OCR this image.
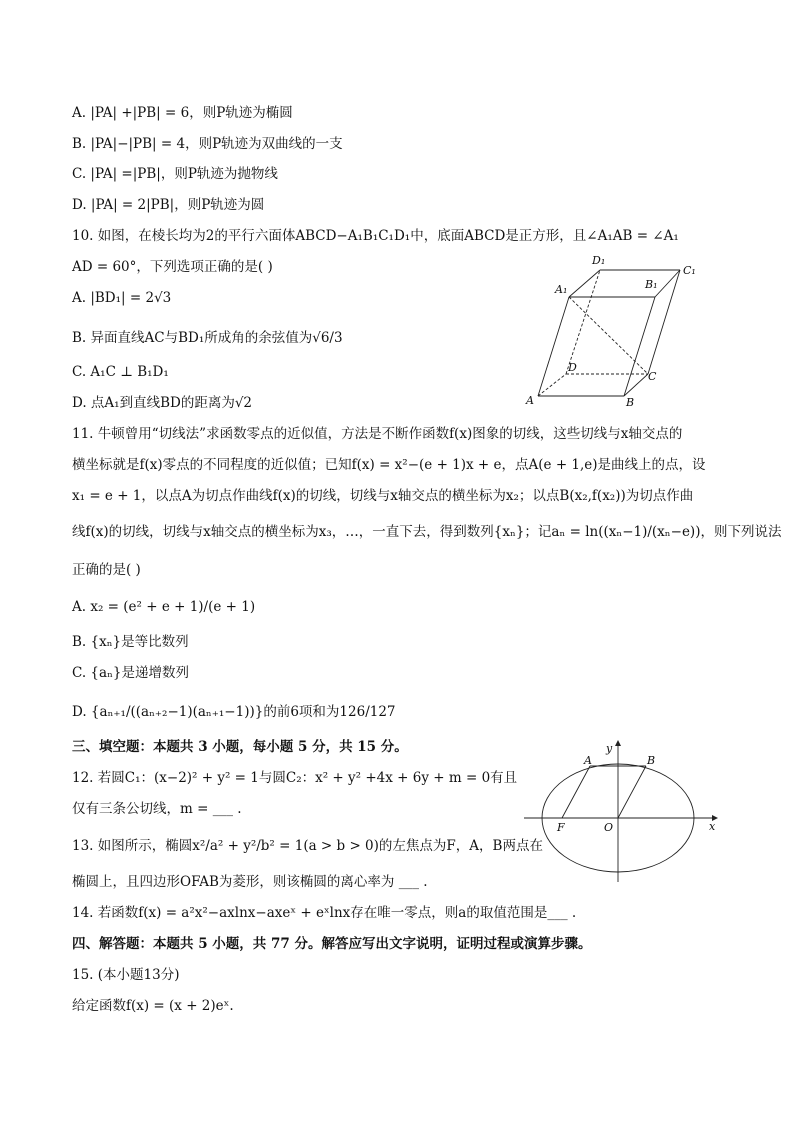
A. |PA| +|PB| = 6，则P轨迹为椭圆
B. |PA|−|PB| = 4，则P轨迹为双曲线的一支
C. |PA| =|PB|，则P轨迹为抛物线
D. |PA| = 2|PB|，则P轨迹为圆
10. 如图，在棱长均为2的平行六面体ABCD−A₁B₁C₁D₁中，底面ABCD是正方形，且∠A₁AB = ∠A₁
AD = 60°，下列选项正确的是( )
A. |BD₁| = 2√3
B. 异面直线AC与BD₁所成角的余弦值为√6/3
C. A₁C ⊥ B₁D₁
D. 点A₁到直线BD的距离为√2	A	B
C
D
A₁	B₁
C₁
D₁
11. 牛顿曾用“切线法”求函数零点的近似值，方法是不断作函数f(x)图象的切线，这些切线与x轴交点的
横坐标就是f(x)零点的不同程度的近似值；已知f(x) = x²−(e + 1)x + e，点A(e + 1,e)是曲线上的点，设
x₁ = e + 1，以点A为切点作曲线f(x)的切线，切线与x轴交点的横坐标为x₂；以点B(x₂,f(x₂))为切点作曲
线f(x)的切线，切线与x轴交点的横坐标为x₃，…，一直下去，得到数列{xₙ}；记aₙ = ln((xₙ−1)/(xₙ−e))，则下列说法
正确的是( )
A. x₂ = (e² + e + 1)/(e + 1)
B. {xₙ}是等比数列
C. {aₙ}是递增数列
D. {aₙ₊₁/((aₙ₊₂−1)(aₙ₊₁−1))}的前6项和为126/127
三、填空题：本题共 3 小题，每小题 5 分，共 15 分。
12. 若圆C₁：(x−2)² + y² = 1与圆C₂：x² + y² +4x + 6y + m = 0有且
仅有三条公切线，m = ___ .
13. 如图所示，椭圆x²/a² + y²/b² = 1(a > b > 0)的左焦点为F，A，B两点在
椭圆上，且四边形OFAB为菱形，则该椭圆的离心率为 ___ .
y
x
A	B
F	O
14. 若函数f(x) = a²x²−axlnx−axeˣ + eˣlnx存在唯一零点，则a的取值范围是___ .
四、解答题：本题共 5 小题，共 77 分。解答应写出文字说明，证明过程或演算步骤。
15. (本小题13分)
给定函数f(x) = (x + 2)eˣ.
